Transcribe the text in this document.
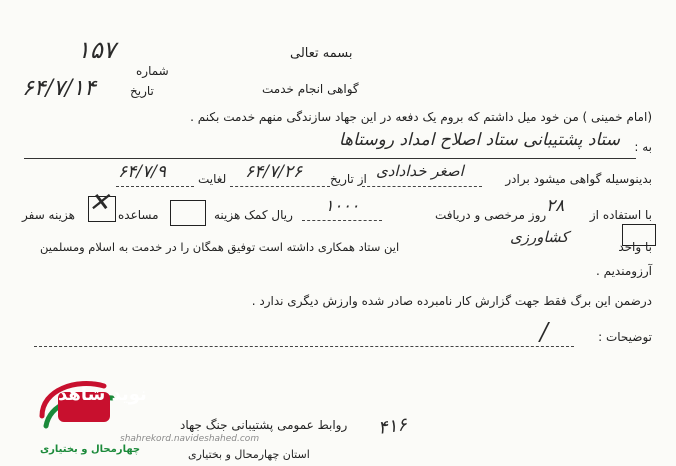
بسمه تعالی
گواهی انجام خدمت
۱۵۷
شماره
۶۴/۷/۱۴	تاریخ
(امام خمینی ) من خود میل داشتم که بروم یک دفعه در این جهاد سازندگی منهم خدمت بکنم .
به :
ستاد پشتیبانی ستاد اصلاح امداد روستاها
بدینوسیله گواهی میشود برادر
اصغر خدادادی
از تاریخ
۶۴/۷/۲۶
لغایت
۶۴/۷/۹
با استفاده از
۲۸
روز مرخصی و دریافت
۱۰۰۰
ریال کمک هزینه
مساعده
✕
هزینه سفر
با واحد
کشاورزی
این ستاد همکاری داشته است توفیق همگان را در خدمت به اسلام ومسلمین
آرزومندیم .
درضمن این برگ فقط جهت گزارش کار نامبرده صادر شده وارزش دیگری ندارد .
توضیحات :
/
روابط عمومی پشتیبانی جنگ جهاد
استان چهارمحال و بختیاری
۴۱۶
نوید شاهد
چهارمحال و بختیاری
shahrekord.navideshahed.com
